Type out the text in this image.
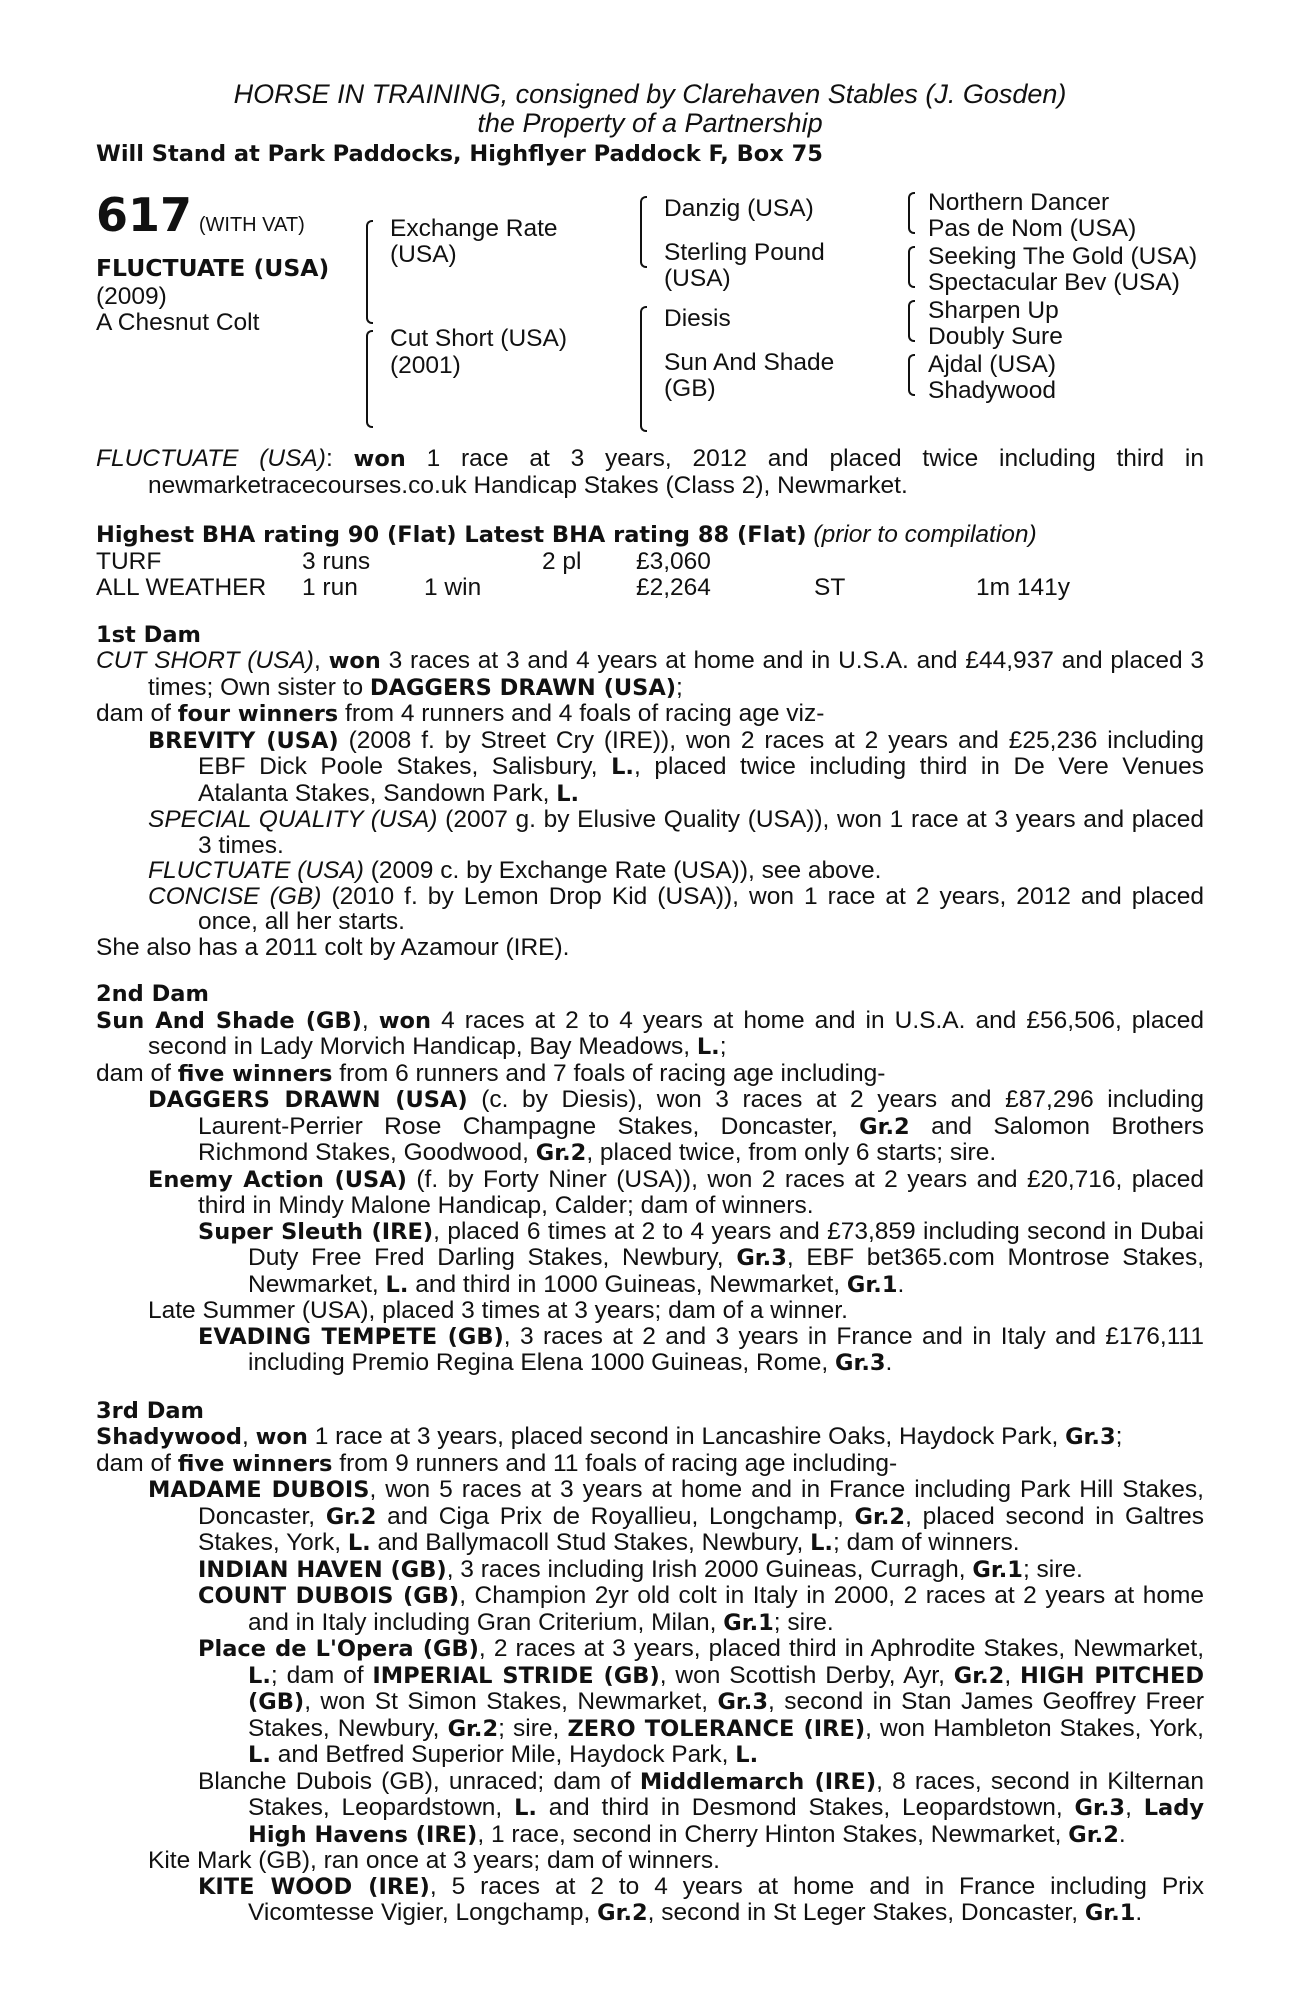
HORSE IN TRAINING, consigned by Clarehaven Stables (J. Gosden)
the Property of a Partnership
Will Stand at Park Paddocks, Highflyer Paddock F, Box 75
617 (WITH VAT)
FLUCTUATE (USA)
(2009)
A Chesnut Colt
Exchange Rate
(USA)
Cut Short (USA)
(2001)
Danzig (USA)
Sterling Pound
(USA)
Diesis
Sun And Shade
(GB)
Northern Dancer
Pas de Nom (USA)
Seeking The Gold (USA)
Spectacular Bev (USA)
Sharpen Up
Doubly Sure
Ajdal (USA)
Shadywood
FLUCTUATE (USA): won 1 race at 3 years, 2012 and placed twice including third in newmarketracecourses.co.uk Handicap Stakes (Class 2), Newmarket.
Highest BHA rating 90 (Flat) Latest BHA rating 88 (Flat) (prior to compilation)
TURF	3 runs	2 pl £3,060
ALL WEATHER 1 run	1 win	£2,264	ST	1m 141y
1st Dam
CUT SHORT (USA), won 3 races at 3 and 4 years at home and in U.S.A. and £44,937 and placed 3 times; Own sister to DAGGERS DRAWN (USA);
dam of four winners from 4 runners and 4 foals of racing age viz-
BREVITY (USA) (2008 f. by Street Cry (IRE)), won 2 races at 2 years and £25,236 including EBF Dick Poole Stakes, Salisbury, L., placed twice including third in De Vere Venues Atalanta Stakes, Sandown Park, L.
SPECIAL QUALITY (USA) (2007 g. by Elusive Quality (USA)), won 1 race at 3 years and placed 3 times.
FLUCTUATE (USA) (2009 c. by Exchange Rate (USA)), see above.
CONCISE (GB) (2010 f. by Lemon Drop Kid (USA)), won 1 race at 2 years, 2012 and placed once, all her starts.
She also has a 2011 colt by Azamour (IRE).
2nd Dam
Sun And Shade (GB), won 4 races at 2 to 4 years at home and in U.S.A. and £56,506, placed second in Lady Morvich Handicap, Bay Meadows, L.;
dam of five winners from 6 runners and 7 foals of racing age including-
DAGGERS DRAWN (USA) (c. by Diesis), won 3 races at 2 years and £87,296 including Laurent-Perrier Rose Champagne Stakes, Doncaster, Gr.2 and Salomon Brothers Richmond Stakes, Goodwood, Gr.2, placed twice, from only 6 starts; sire.
Enemy Action (USA) (f. by Forty Niner (USA)), won 2 races at 2 years and £20,716, placed third in Mindy Malone Handicap, Calder; dam of winners.
Super Sleuth (IRE), placed 6 times at 2 to 4 years and £73,859 including second in Dubai Duty Free Fred Darling Stakes, Newbury, Gr.3, EBF bet365.com Montrose Stakes, Newmarket, L. and third in 1000 Guineas, Newmarket, Gr.1.
Late Summer (USA), placed 3 times at 3 years; dam of a winner.
EVADING TEMPETE (GB), 3 races at 2 and 3 years in France and in Italy and £176,111 including Premio Regina Elena 1000 Guineas, Rome, Gr.3.
3rd Dam
Shadywood, won 1 race at 3 years, placed second in Lancashire Oaks, Haydock Park, Gr.3;
dam of five winners from 9 runners and 11 foals of racing age including-
MADAME DUBOIS, won 5 races at 3 years at home and in France including Park Hill Stakes, Doncaster, Gr.2 and Ciga Prix de Royallieu, Longchamp, Gr.2, placed second in Galtres Stakes, York, L. and Ballymacoll Stud Stakes, Newbury, L.; dam of winners.
INDIAN HAVEN (GB), 3 races including Irish 2000 Guineas, Curragh, Gr.1; sire.
COUNT DUBOIS (GB), Champion 2yr old colt in Italy in 2000, 2 races at 2 years at home and in Italy including Gran Criterium, Milan, Gr.1; sire.
Place de L'Opera (GB), 2 races at 3 years, placed third in Aphrodite Stakes, Newmarket, L.; dam of IMPERIAL STRIDE (GB), won Scottish Derby, Ayr, Gr.2, HIGH PITCHED (GB), won St Simon Stakes, Newmarket, Gr.3, second in Stan James Geoffrey Freer Stakes, Newbury, Gr.2; sire, ZERO TOLERANCE (IRE), won Hambleton Stakes, York, L. and Betfred Superior Mile, Haydock Park, L.
Blanche Dubois (GB), unraced; dam of Middlemarch (IRE), 8 races, second in Kilternan Stakes, Leopardstown, L. and third in Desmond Stakes, Leopardstown, Gr.3, Lady High Havens (IRE), 1 race, second in Cherry Hinton Stakes, Newmarket, Gr.2.
Kite Mark (GB), ran once at 3 years; dam of winners.
KITE WOOD (IRE), 5 races at 2 to 4 years at home and in France including Prix Vicomtesse Vigier, Longchamp, Gr.2, second in St Leger Stakes, Doncaster, Gr.1.
